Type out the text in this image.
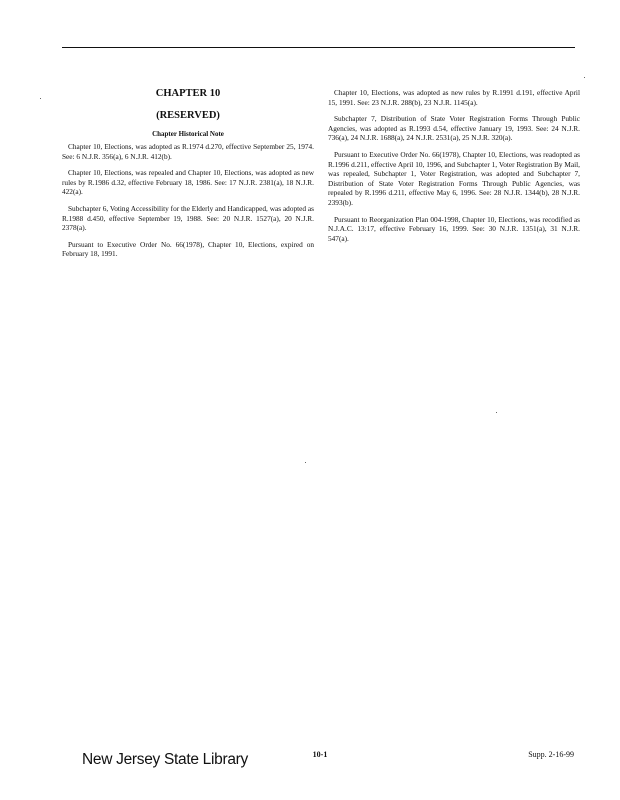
CHAPTER 10
(RESERVED)
Chapter Historical Note

Chapter 10, Elections, was adopted as R.1974 d.270, effective September 25, 1974. See: 6 N.J.R. 356(a), 6 N.J.R. 412(b).

Chapter 10, Elections, was repealed and Chapter 10, Elections, was adopted as new rules by R.1986 d.32, effective February 18, 1986. See: 17 N.J.R. 2381(a), 18 N.J.R. 422(a).

Subchapter 6, Voting Accessibility for the Elderly and Handicapped, was adopted as R.1988 d.450, effective September 19, 1988. See: 20 N.J.R. 1527(a), 20 N.J.R. 2378(a).

Pursuant to Executive Order No. 66(1978), Chapter 10, Elections, expired on February 18, 1991.

Chapter 10, Elections, was adopted as new rules by R.1991 d.191, effective April 15, 1991. See: 23 N.J.R. 288(b), 23 N.J.R. 1145(a).

Subchapter 7, Distribution of State Voter Registration Forms Through Public Agencies, was adopted as R.1993 d.54, effective January 19, 1993. See: 24 N.J.R. 736(a), 24 N.J.R. 1688(a), 24 N.J.R. 2531(a), 25 N.J.R. 320(a).

Pursuant to Executive Order No. 66(1978), Chapter 10, Elections, was readopted as R.1996 d.211, effective April 10, 1996, and Subchapter 1, Voter Registration By Mail, was repealed, Subchapter 1, Voter Registration, was adopted and Subchapter 7, Distribution of State Voter Registration Forms Through Public Agencies, was repealed by R.1996 d.211, effective May 6, 1996. See: 28 N.J.R. 1344(b), 28 N.J.R. 2393(b).

Pursuant to Reorganization Plan 004-1998, Chapter 10, Elections, was recodified as N.J.A.C. 13:17, effective February 16, 1999. See: 30 N.J.R. 1351(a), 31 N.J.R. 547(a).

New Jersey State Library	10-1	Supp. 2-16-99
